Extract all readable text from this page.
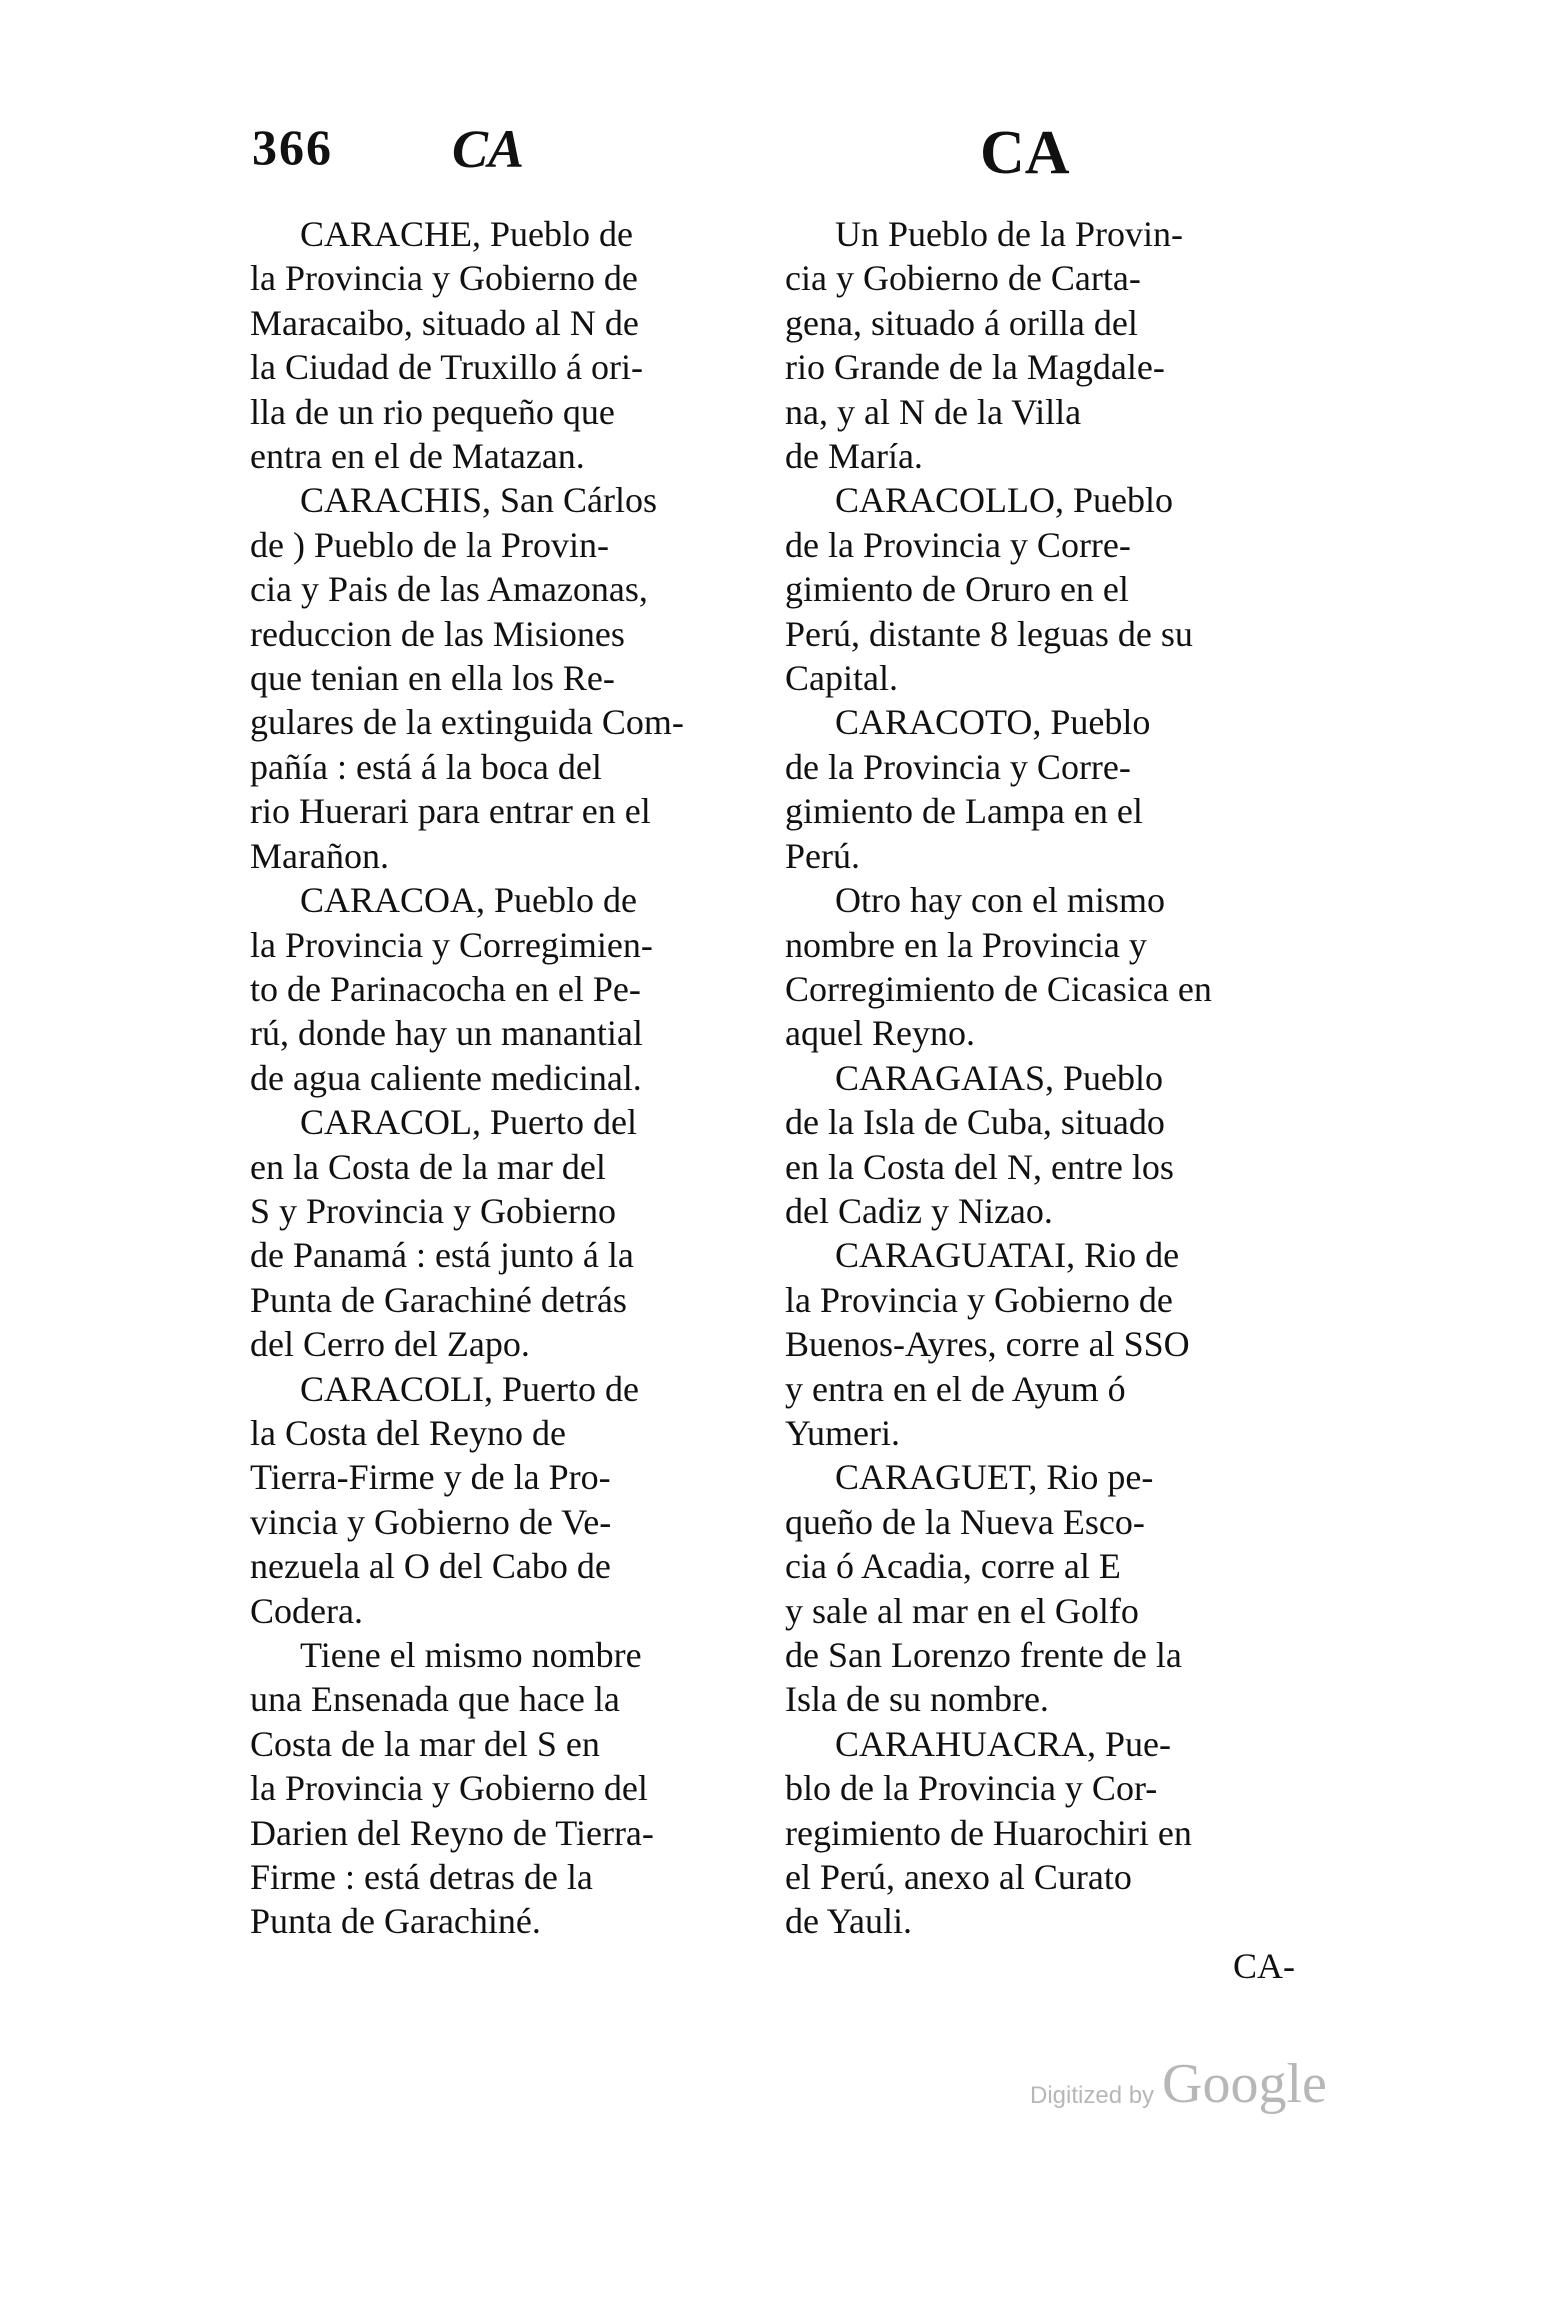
366 CA	CA

CARACHE, Pueblo de

la Provincia y Gobierno de

Maracaibo, situado al N de

la Ciudad de Truxillo á ori-

lla de un rio pequeño que

entra en el de Matazan.

CARACHIS, San Cárlos

de ) Pueblo de la Provin-

cia y Pais de las Amazonas,

reduccion de las Misiones

que tenian en ella los Re-

gulares de la extinguida Com-

pañía : está á la boca del

rio Huerari para entrar en el

Marañon.

CARACOA, Pueblo de

la Provincia y Corregimien-

to de Parinacocha en el Pe-

rú, donde hay un manantial

de agua caliente medicinal.

CARACOL, Puerto del

en la Costa de la mar del

S y Provincia y Gobierno

de Panamá : está junto á la

Punta de Garachiné detrás

del Cerro del Zapo.

CARACOLI, Puerto de

la Costa del Reyno de

Tierra-Firme y de la Pro-

vincia y Gobierno de Ve-

nezuela al O del Cabo de

Codera.

Tiene el mismo nombre

una Ensenada que hace la

Costa de la mar del S en

la Provincia y Gobierno del

Darien del Reyno de Tierra-

Firme : está detras de la

Punta de Garachiné.

Un Pueblo de la Provin-

cia y Gobierno de Carta-

gena, situado á orilla del

rio Grande de la Magdale-

na, y al N de la Villa

de María.

CARACOLLO, Pueblo

de la Provincia y Corre-

gimiento de Oruro en el

Perú, distante 8 leguas de su

Capital.

CARACOTO, Pueblo

de la Provincia y Corre-

gimiento de Lampa en el

Perú.

Otro hay con el mismo

nombre en la Provincia y

Corregimiento de Cicasica en

aquel Reyno.

CARAGAIAS, Pueblo

de la Isla de Cuba, situado

en la Costa del N, entre los

del Cadiz y Nizao.

CARAGUATAI, Rio de

la Provincia y Gobierno de

Buenos-Ayres, corre al SSO

y entra en el de Ayum ó

Yumeri.

CARAGUET, Rio pe-

queño de la Nueva Esco-

cia ó Acadia, corre al E

y sale al mar en el Golfo

de San Lorenzo frente de la

Isla de su nombre.

CARAHUACRA, Pue-

blo de la Provincia y Cor-

regimiento de Huarochiri en

el Perú, anexo al Curato

de Yauli.

CA-

Digitized by Google
